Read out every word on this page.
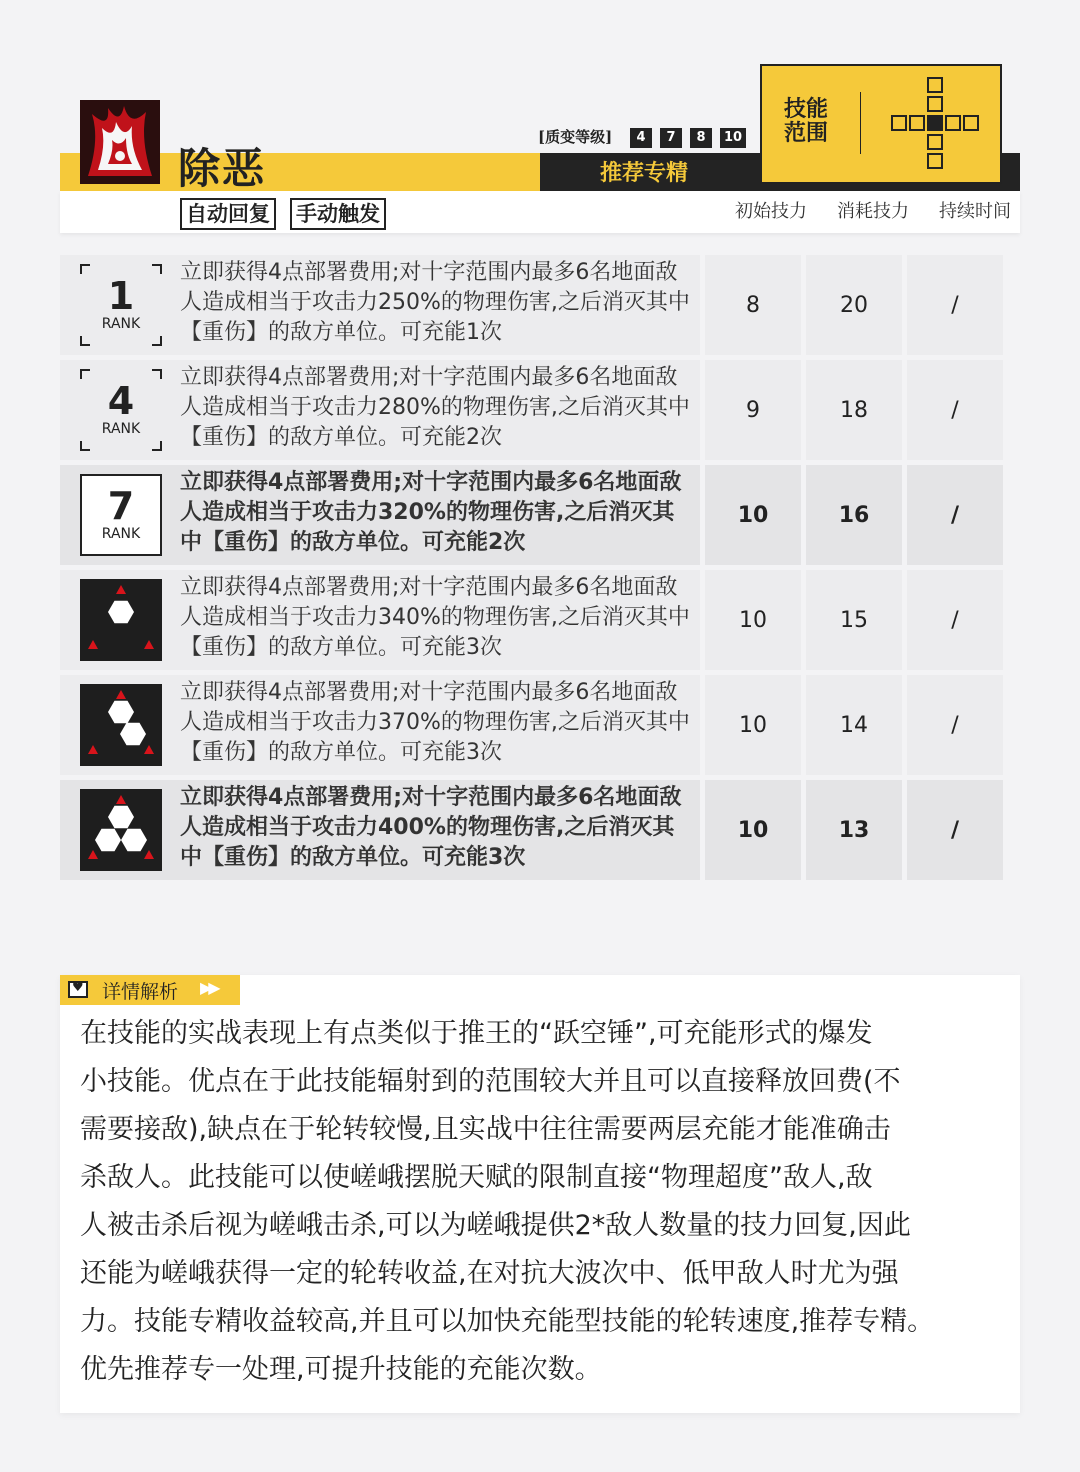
除恶
自动回复 手动触发
[质变等级]	4	7	8	10
推荐专精
技能范围
初始技力	消耗技力	持续时间
1
RANK
立即获得4点部署费用;对十字范围内最多6名地面敌人造成相当于攻击力250%的物理伤害,之后消灭其中【重伤】的敌方单位。可充能1次
8	20	/
4
RANK
立即获得4点部署费用;对十字范围内最多6名地面敌人造成相当于攻击力280%的物理伤害,之后消灭其中【重伤】的敌方单位。可充能2次
9	18	/
7
RANK
立即获得4点部署费用;对十字范围内最多6名地面敌人造成相当于攻击力320%的物理伤害,之后消灭其中【重伤】的敌方单位。可充能2次
10	16	/
立即获得4点部署费用;对十字范围内最多6名地面敌人造成相当于攻击力340%的物理伤害,之后消灭其中【重伤】的敌方单位。可充能3次
10	15	/
立即获得4点部署费用;对十字范围内最多6名地面敌人造成相当于攻击力370%的物理伤害,之后消灭其中【重伤】的敌方单位。可充能3次
10	14	/
立即获得4点部署费用;对十字范围内最多6名地面敌人造成相当于攻击力400%的物理伤害,之后消灭其中【重伤】的敌方单位。可充能3次
10	13	/
♥
详情解析 ▶▶
在技能的实战表现上有点类似于推王的“跃空锤”,可充能形式的爆发
小技能。优点在于此技能辐射到的范围较大并且可以直接释放回费(不
需要接敌),缺点在于轮转较慢,且实战中往往需要两层充能才能准确击
杀敌人。此技能可以使嵯峨摆脱天赋的限制直接“物理超度”敌人,敌
人被击杀后视为嵯峨击杀,可以为嵯峨提供2*敌人数量的技力回复,因此
还能为嵯峨获得一定的轮转收益,在对抗大波次中、低甲敌人时尤为强
力。技能专精收益较高,并且可以加快充能型技能的轮转速度,推荐专精。
优先推荐专一处理,可提升技能的充能次数。
